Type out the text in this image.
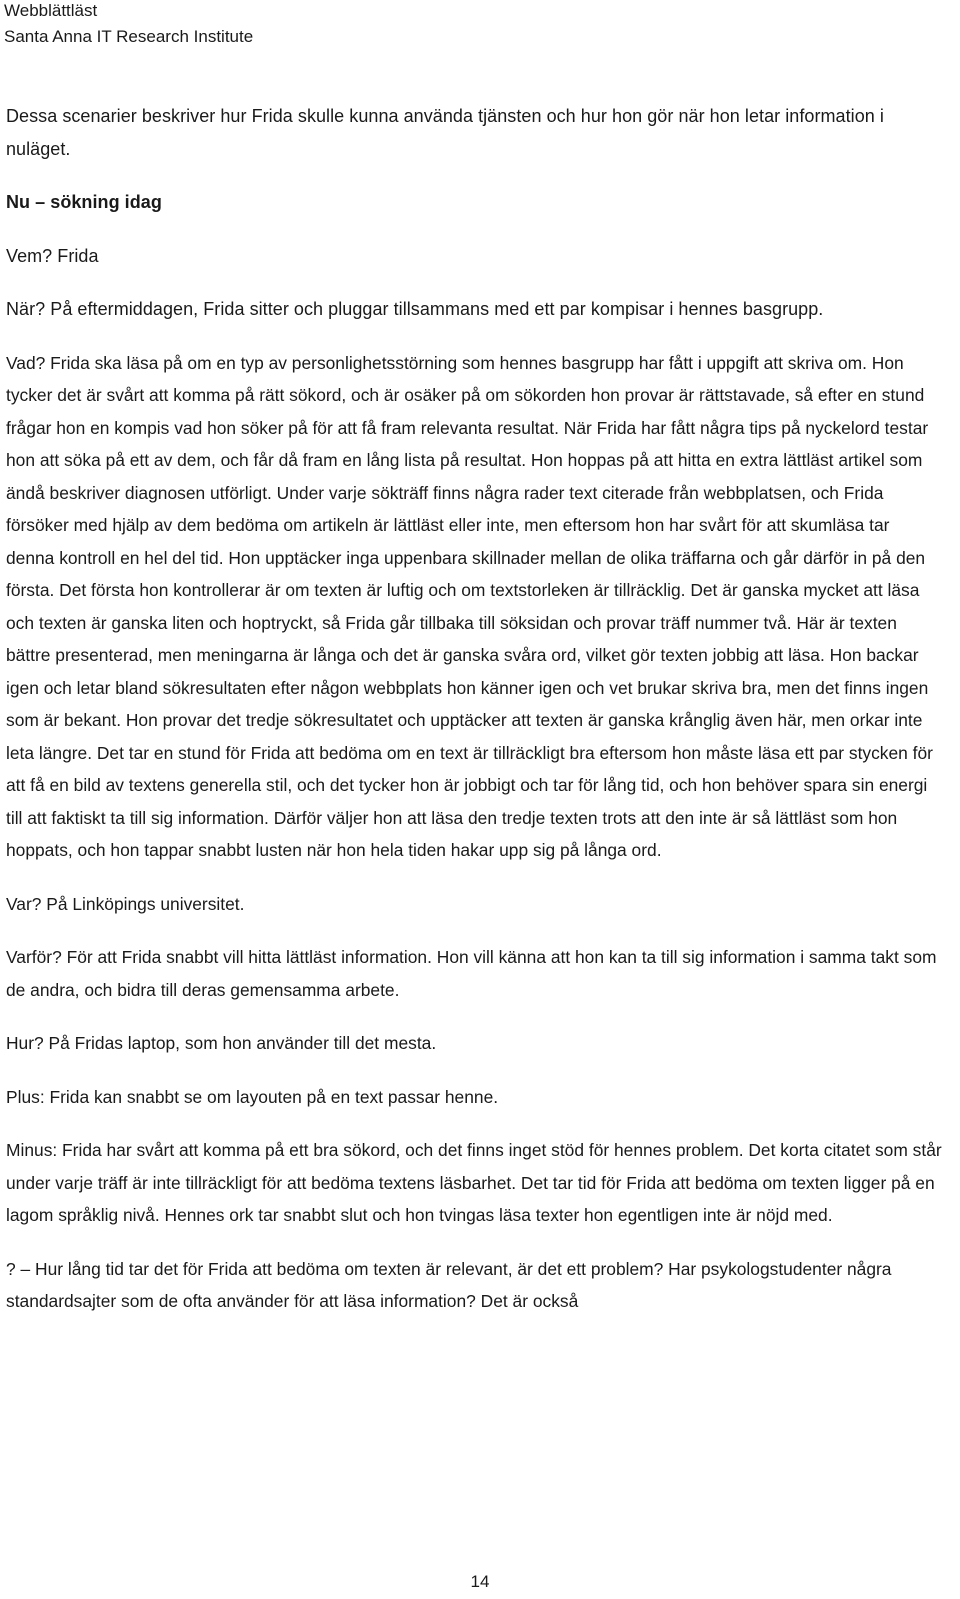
Webblättläst
Santa Anna IT Research Institute

Dessa scenarier beskriver hur Frida skulle kunna använda tjänsten och hur hon gör när hon letar information i nuläget.

Nu – sökning idag

Vem? Frida

När? På eftermiddagen, Frida sitter och pluggar tillsammans med ett par kompisar i hennes basgrupp.

Vad? Frida ska läsa på om en typ av personlighetsstörning som hennes basgrupp har fått i uppgift att skriva om. Hon tycker det är svårt att komma på rätt sökord, och är osäker på om sökorden hon provar är rättstavade, så efter en stund frågar hon en kompis vad hon söker på för att få fram relevanta resultat. När Frida har fått några tips på nyckelord testar hon att söka på ett av dem, och får då fram en lång lista på resultat. Hon hoppas på att hitta en extra lättläst artikel som ändå beskriver diagnosen utförligt. Under varje sökträff finns några rader text citerade från webbplatsen, och Frida försöker med hjälp av dem bedöma om artikeln är lättläst eller inte, men eftersom hon har svårt för att skumläsa tar denna kontroll en hel del tid. Hon upptäcker inga uppenbara skillnader mellan de olika träffarna och går därför in på den första. Det första hon kontrollerar är om texten är luftig och om textstorleken är tillräcklig. Det är ganska mycket att läsa och texten är ganska liten och hoptryckt, så Frida går tillbaka till söksidan och provar träff nummer två. Här är texten bättre presenterad, men meningarna är långa och det är ganska svåra ord, vilket gör texten jobbig att läsa. Hon backar igen och letar bland sökresultaten efter någon webbplats hon känner igen och vet brukar skriva bra, men det finns ingen som är bekant. Hon provar det tredje sökresultatet och upptäcker att texten är ganska krånglig även här, men orkar inte leta längre. Det tar en stund för Frida att bedöma om en text är tillräckligt bra eftersom hon måste läsa ett par stycken för att få en bild av textens generella stil, och det tycker hon är jobbigt och tar för lång tid, och hon behöver spara sin energi till att faktiskt ta till sig information. Därför väljer hon att läsa den tredje texten trots att den inte är så lättläst som hon hoppats, och hon tappar snabbt lusten när hon hela tiden hakar upp sig på långa ord.

Var? På Linköpings universitet.

Varför? För att Frida snabbt vill hitta lättläst information. Hon vill känna att hon kan ta till sig information i samma takt som de andra, och bidra till deras gemensamma arbete.

Hur? På Fridas laptop, som hon använder till det mesta.

Plus: Frida kan snabbt se om layouten på en text passar henne.

Minus: Frida har svårt att komma på ett bra sökord, och det finns inget stöd för hennes problem. Det korta citatet som står under varje träff är inte tillräckligt för att bedöma textens läsbarhet. Det tar tid för Frida att bedöma om texten ligger på en lagom språklig nivå. Hennes ork tar snabbt slut och hon tvingas läsa texter hon egentligen inte är nöjd med.

? – Hur lång tid tar det för Frida att bedöma om texten är relevant, är det ett problem? Har psykologstudenter några standardsajter som de ofta använder för att läsa information? Det är också

14
